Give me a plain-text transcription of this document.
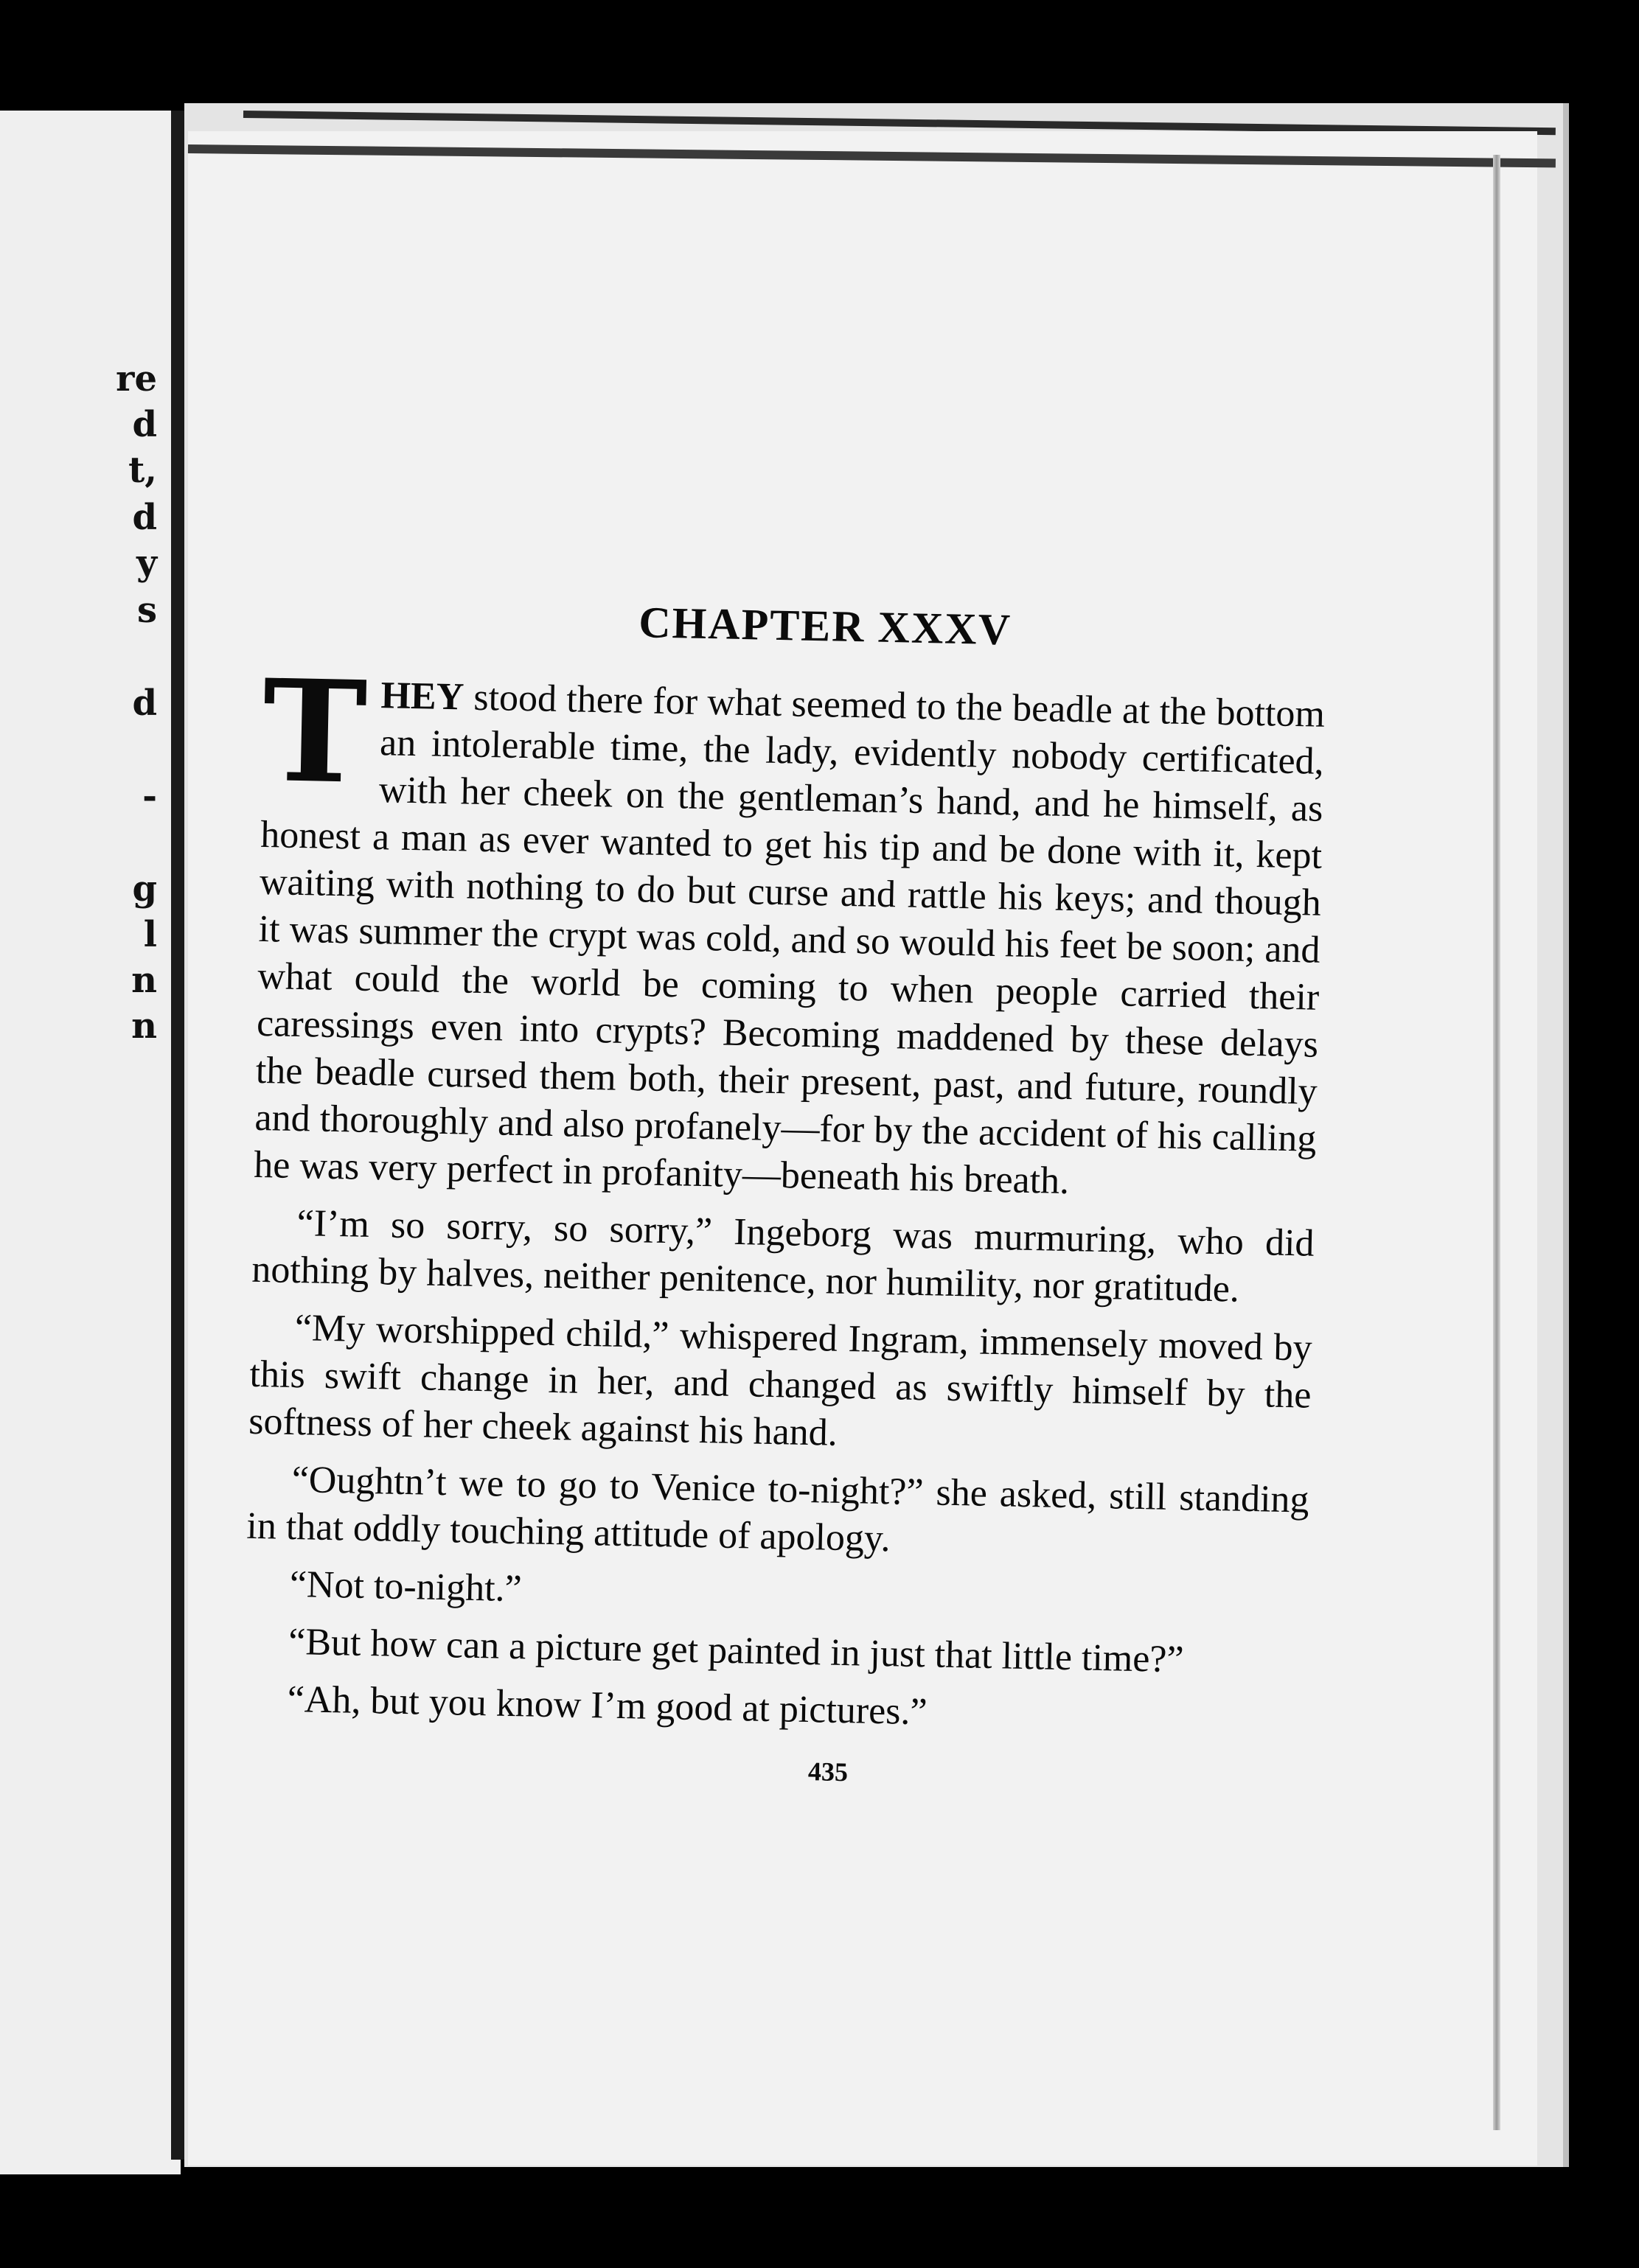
re
d
t,
d
y
s
d
-
g
l
n
n
CHAPTER XXXV

THEY stood there for what seemed to the beadle at the bottom an intolerable time, the lady, evidently nobody certificated, with her cheek on the gentleman’s hand, and he himself, as honest a man as ever wanted to get his tip and be done with it, kept waiting with nothing to do but curse and rattle his keys; and though it was summer the crypt was cold, and so would his feet be soon; and what could the world be coming to when people carried their caressings even into crypts? Becoming maddened by these delays the beadle cursed them both, their present, past, and future, roundly and thoroughly and also profanely—for by the accident of his calling he was very perfect in profanity—beneath his breath.

“I’m so sorry, so sorry,” Ingeborg was murmuring, who did nothing by halves, neither penitence, nor humility, nor gratitude.

“My worshipped child,” whispered Ingram, immensely moved by this swift change in her, and changed as swiftly himself by the softness of her cheek against his hand.

“Oughtn’t we to go to Venice to-night?” she asked, still standing in that oddly touching attitude of apology.

“Not to-night.”

“But how can a picture get painted in just that little time?”

“Ah, but you know I’m good at pictures.”

435
